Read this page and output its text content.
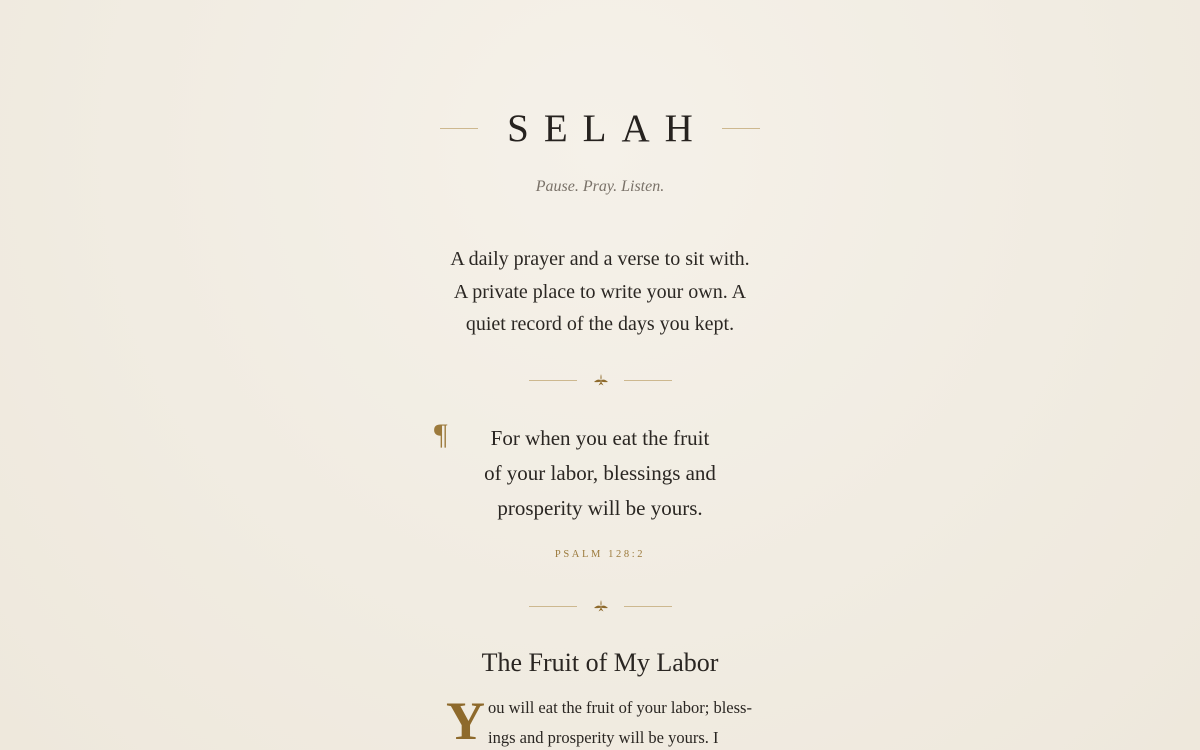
SELAH
Pause. Pray. Listen.
A daily prayer and a verse to sit with.
A private place to write your own. A
quiet record of the days you kept.
¶	For when you eat the fruit
of your labor, blessings and
prosperity will be yours.
PSALM 128:2
The Fruit of My Labor
Y ou will eat the fruit of your labor; bless-
ings and prosperity will be yours. I
